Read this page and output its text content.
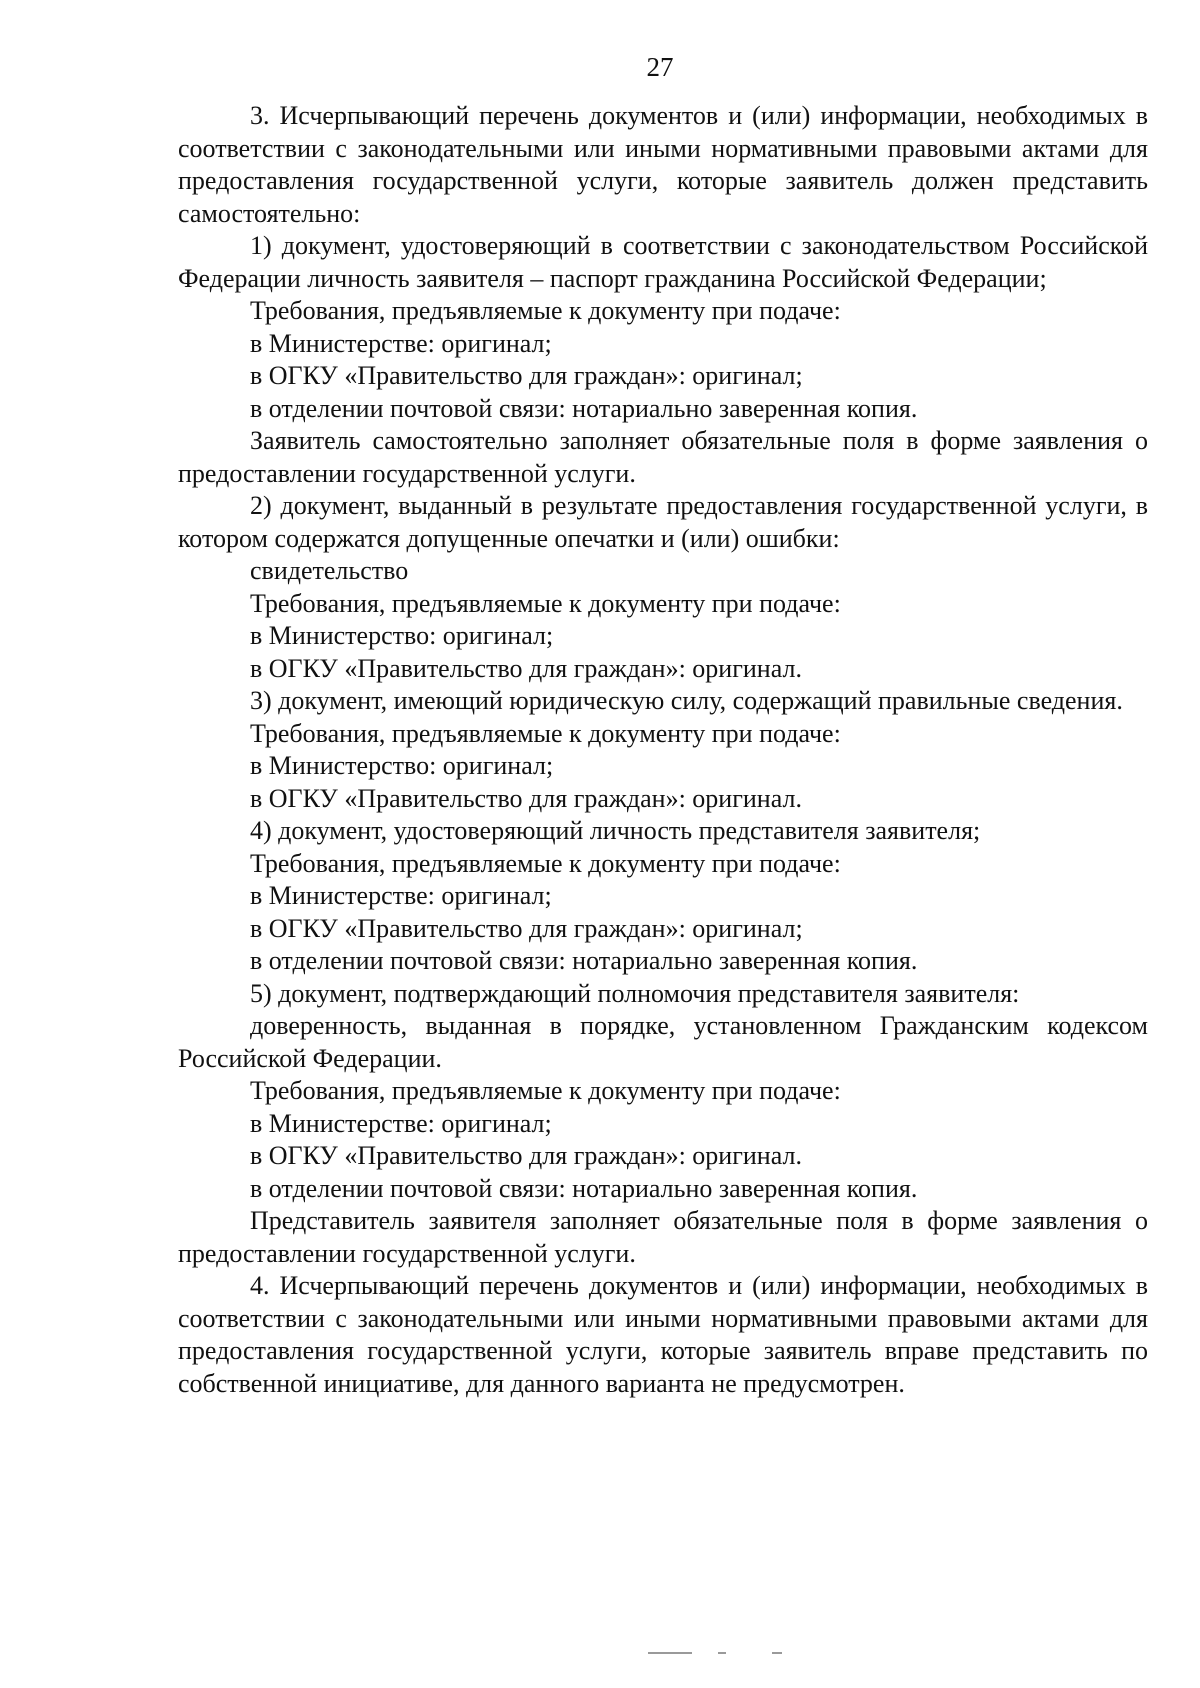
27

3. Исчерпывающий перечень документов и (или) информации, необходимых в соответствии с законодательными или иными нормативными правовыми актами для предоставления государственной услуги, которые заявитель должен представить самостоятельно:

1) документ, удостоверяющий в соответствии с законодательством Российской Федерации личность заявителя – паспорт гражданина Российской Федерации;

Требования, предъявляемые к документу при подаче:

в Министерстве: оригинал;

в ОГКУ «Правительство для граждан»: оригинал;

в отделении почтовой связи: нотариально заверенная копия.

Заявитель самостоятельно заполняет обязательные поля в форме заявления о предоставлении государственной услуги.

2) документ, выданный в результате предоставления государственной услуги, в котором содержатся допущенные опечатки и (или) ошибки:

свидетельство

Требования, предъявляемые к документу при подаче:

в Министерство: оригинал;

в ОГКУ «Правительство для граждан»: оригинал.

3) документ, имеющий юридическую силу, содержащий правильные сведения.

Требования, предъявляемые к документу при подаче:

в Министерство: оригинал;

в ОГКУ «Правительство для граждан»: оригинал.

4) документ, удостоверяющий личность представителя заявителя;

Требования, предъявляемые к документу при подаче:

в Министерстве: оригинал;

в ОГКУ «Правительство для граждан»: оригинал;

в отделении почтовой связи: нотариально заверенная копия.

5) документ, подтверждающий полномочия представителя заявителя:

доверенность, выданная в порядке, установленном Гражданским кодексом Российской Федерации.

Требования, предъявляемые к документу при подаче:

в Министерстве: оригинал;

в ОГКУ «Правительство для граждан»: оригинал.

в отделении почтовой связи: нотариально заверенная копия.

Представитель заявителя заполняет обязательные поля в форме заявления о предоставлении государственной услуги.

4. Исчерпывающий перечень документов и (или) информации, необходимых в соответствии с законодательными или иными нормативными правовыми актами для предоставления государственной услуги, которые заявитель вправе представить по собственной инициативе, для данного варианта не предусмотрен.
